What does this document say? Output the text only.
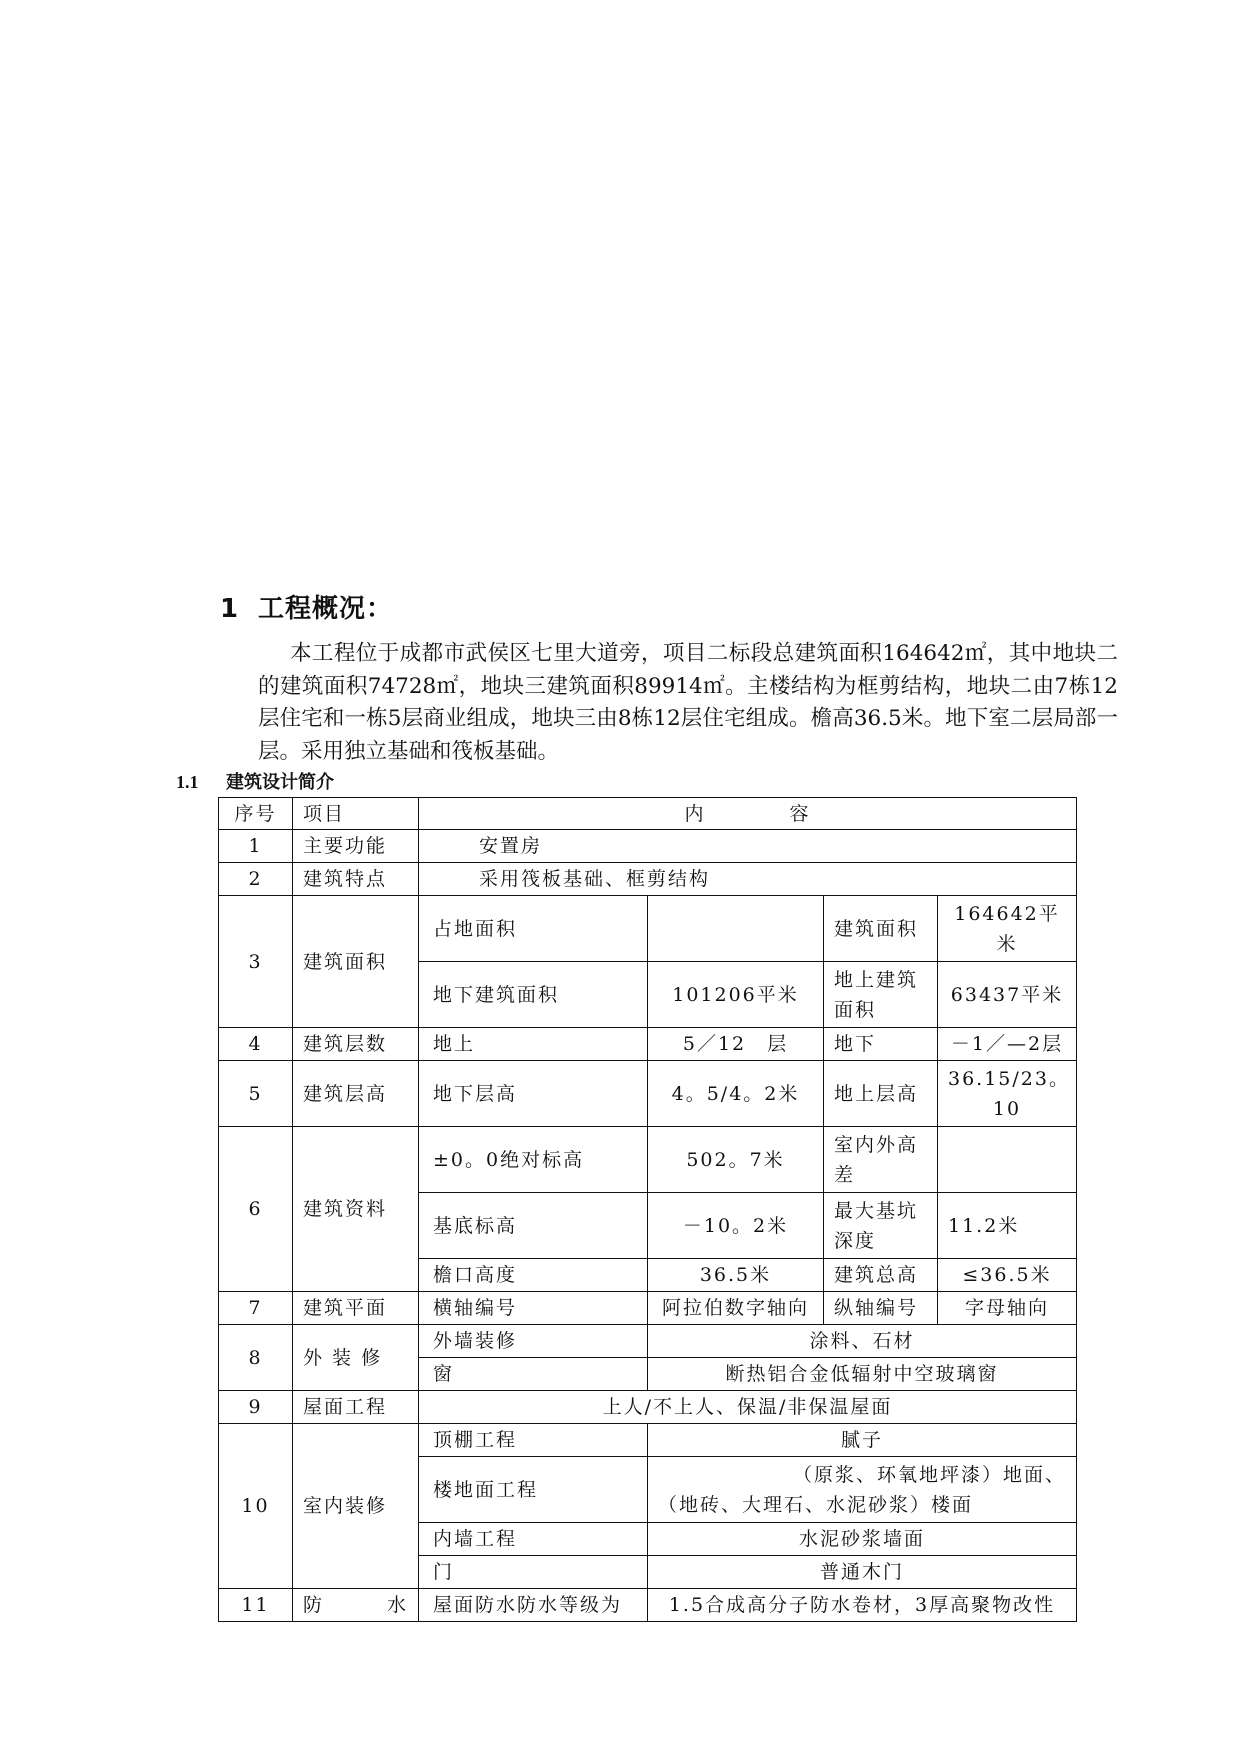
1 工程概况：
本工程位于成都市武侯区七里大道旁，项目二标段总建筑面积164642㎡，其中地块二的建筑面积74728㎡，地块三建筑面积89914㎡。主楼结构为框剪结构，地块二由7栋12层住宅和一栋5层商业组成，地块三由8栋12层住宅组成。檐高36.5米。地下室二层局部一层。采用独立基础和筏板基础。
1.1 建筑设计简介
序号	项目	内　　　　容			
1	主要功能	安置房			
2	建筑特点	采用筏板基础、框剪结构			
3	建筑面积	占地面积		建筑面积	164642平米
		地下建筑面积	101206平米	地上建筑面积	63437平米
4	建筑层数	地上	5／12　层	地下	－1／—2层
5	建筑层高	地下层高	4。5/4。2米	地上层高	36.15/23。10
6	建筑资料	±0。0绝对标高	502。7米	室内外高差	
		基底标高	－10。2米	最大基坑深度	11.2米
		檐口高度	36.5米	建筑总高	≤36.5米
7	建筑平面	横轴编号	阿拉伯数字轴向	纵轴编号	字母轴向
8	外 装 修	外墙装修	涂料、石材		
		窗	断热铝合金低辐射中空玻璃窗		
9	屋面工程	上人/不上人、保温/非保温屋面			
10	室内装修	顶棚工程	腻子		
		楼地面工程	（原浆、环氧地坪漆）地面、
（地砖、大理石、水泥砂浆）楼面		

		内墙工程	水泥砂浆墙面		
		门	普通木门		
11	防　　　水	屋面防水防水等级为	1.5合成高分子防水卷材，3厚高聚物改性		
